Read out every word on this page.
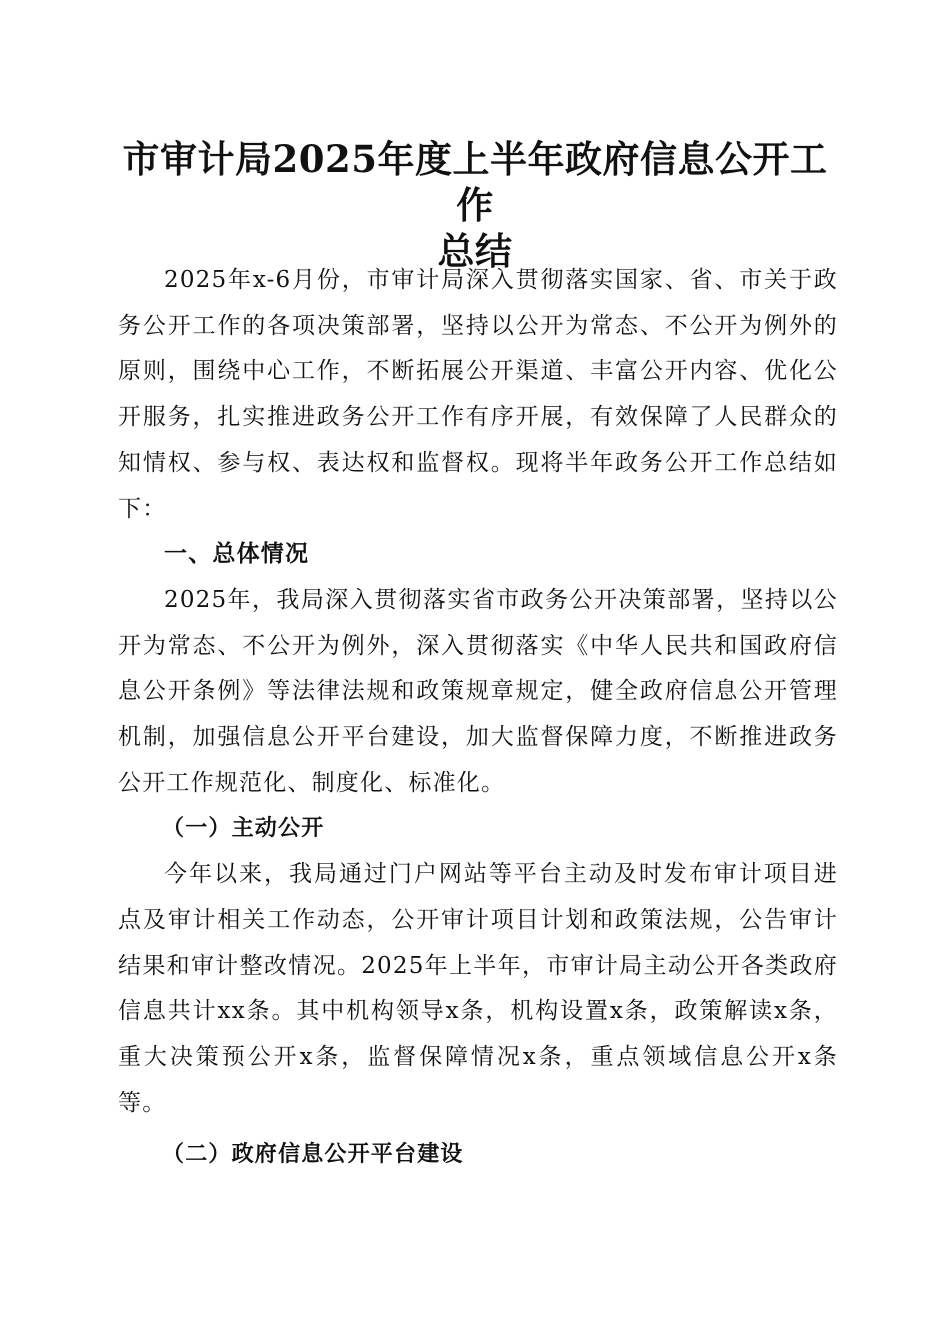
市审计局2025年度上半年政府信息公开工作
总结

2025年x-6月份，市审计局深入贯彻落实国家、省、市关于政务公开工作的各项决策部署，坚持以公开为常态、不公开为例外的原则，围绕中心工作，不断拓展公开渠道、丰富公开内容、优化公开服务，扎实推进政务公开工作有序开展，有效保障了人民群众的知情权、参与权、表达权和监督权。现将半年政务公开工作总结如下：

一、总体情况

2025年，我局深入贯彻落实省市政务公开决策部署，坚持以公开为常态、不公开为例外，深入贯彻落实《中华人民共和国政府信息公开条例》等法律法规和政策规章规定，健全政府信息公开管理机制，加强信息公开平台建设，加大监督保障力度，不断推进政务公开工作规范化、制度化、标准化。

（一）主动公开

今年以来，我局通过门户网站等平台主动及时发布审计项目进点及审计相关工作动态，公开审计项目计划和政策法规，公告审计结果和审计整改情况。2025年上半年，市审计局主动公开各类政府信息共计xx条。其中机构领导x条，机构设置x条，政策解读x条，重大决策预公开x条，监督保障情况x条，重点领域信息公开x条等。

（二）政府信息公开平台建设
